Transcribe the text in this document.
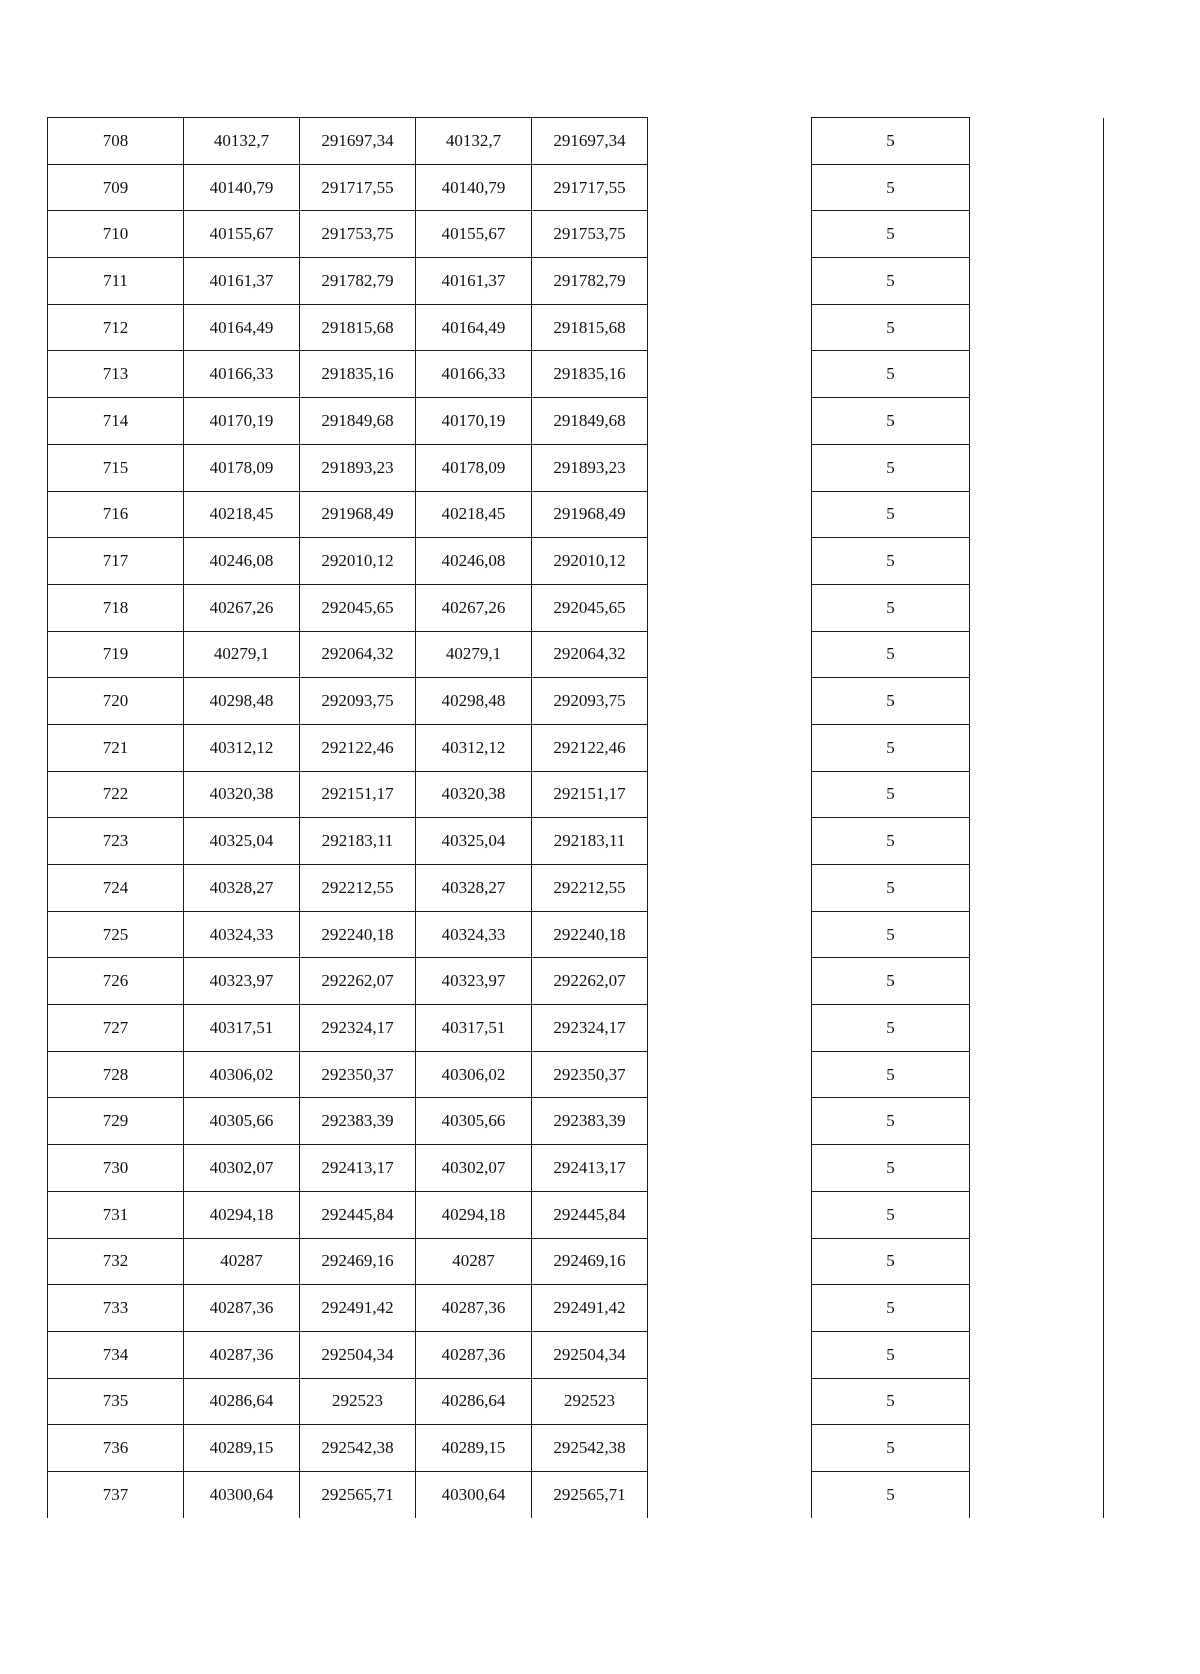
708	40132,7	291697,34	40132,7	291697,34		5	
709	40140,79	291717,55	40140,79	291717,55		5	
710	40155,67	291753,75	40155,67	291753,75		5	
711	40161,37	291782,79	40161,37	291782,79		5	
712	40164,49	291815,68	40164,49	291815,68		5	
713	40166,33	291835,16	40166,33	291835,16		5	
714	40170,19	291849,68	40170,19	291849,68		5	
715	40178,09	291893,23	40178,09	291893,23		5	
716	40218,45	291968,49	40218,45	291968,49		5	
717	40246,08	292010,12	40246,08	292010,12		5	
718	40267,26	292045,65	40267,26	292045,65		5	
719	40279,1	292064,32	40279,1	292064,32		5	
720	40298,48	292093,75	40298,48	292093,75		5	
721	40312,12	292122,46	40312,12	292122,46		5	
722	40320,38	292151,17	40320,38	292151,17		5	
723	40325,04	292183,11	40325,04	292183,11		5	
724	40328,27	292212,55	40328,27	292212,55		5	
725	40324,33	292240,18	40324,33	292240,18		5	
726	40323,97	292262,07	40323,97	292262,07		5	
727	40317,51	292324,17	40317,51	292324,17		5	
728	40306,02	292350,37	40306,02	292350,37		5	
729	40305,66	292383,39	40305,66	292383,39		5	
730	40302,07	292413,17	40302,07	292413,17		5	
731	40294,18	292445,84	40294,18	292445,84		5	
732	40287	292469,16	40287	292469,16		5	
733	40287,36	292491,42	40287,36	292491,42		5	
734	40287,36	292504,34	40287,36	292504,34		5	
735	40286,64	292523	40286,64	292523		5	
736	40289,15	292542,38	40289,15	292542,38		5	
737	40300,64	292565,71	40300,64	292565,71		5	
